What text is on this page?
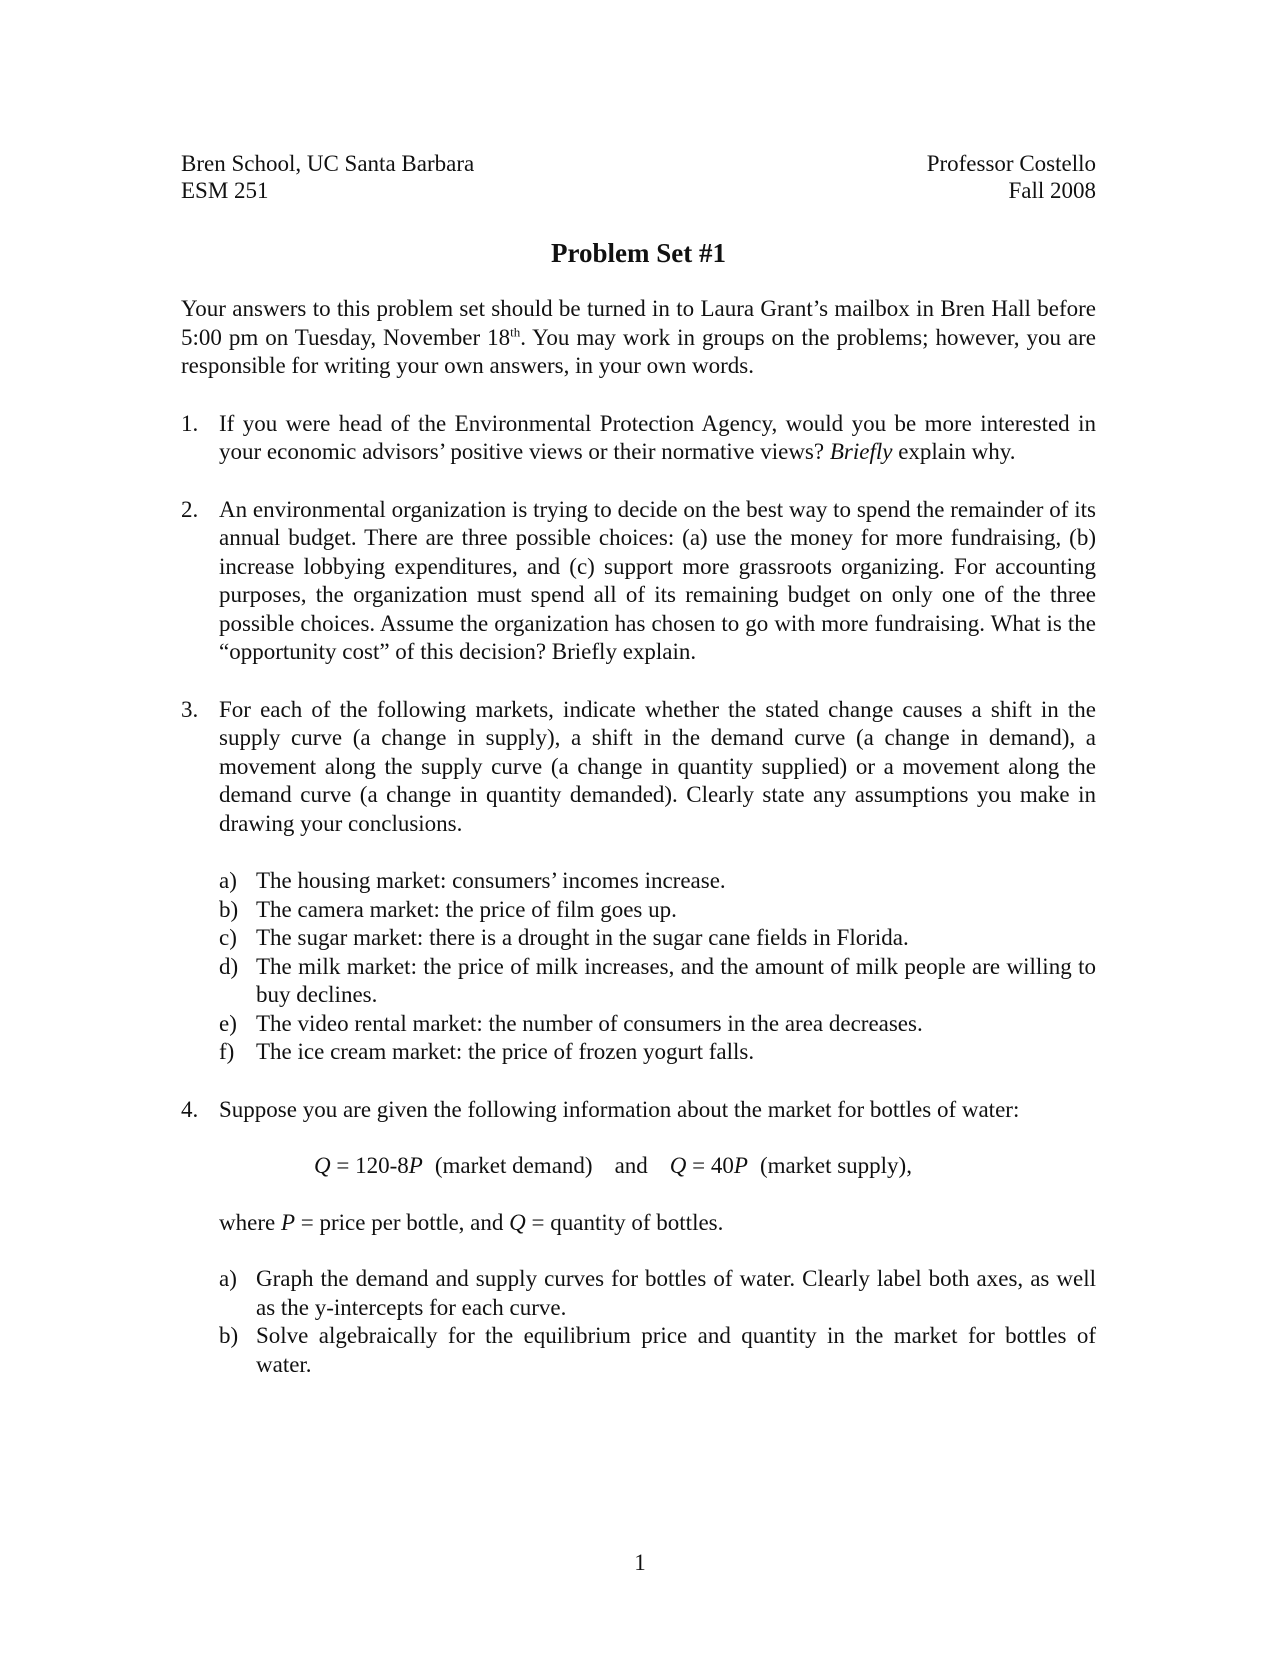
Bren School, UC Santa Barbara
ESM 251
Professor Costello
Fall 2008
Problem Set #1
Your answers to this problem set should be turned in to Laura Grant’s mailbox in Bren Hall before 5:00 pm on Tuesday, November 18th. You may work in groups on the problems; however, you are responsible for writing your own answers, in your own words.
1. If you were head of the Environmental Protection Agency, would you be more interested in your economic advisors’ positive views or their normative views? Briefly explain why.
2. An environmental organization is trying to decide on the best way to spend the remainder of its annual budget. There are three possible choices: (a) use the money for more fundraising, (b) increase lobbying expenditures, and (c) support more grassroots organizing. For accounting purposes, the organization must spend all of its remaining budget on only one of the three possible choices. Assume the organization has chosen to go with more fundraising. What is the “opportunity cost” of this decision? Briefly explain.
3. For each of the following markets, indicate whether the stated change causes a shift in the supply curve (a change in supply), a shift in the demand curve (a change in demand), a movement along the supply curve (a change in quantity supplied) or a movement along the demand curve (a change in quantity demanded). Clearly state any assumptions you make in drawing your conclusions.
a) The housing market: consumers’ incomes increase.
b) The camera market: the price of film goes up.
c) The sugar market: there is a drought in the sugar cane fields in Florida.
d) The milk market: the price of milk increases, and the amount of milk people are willing to buy declines.
e) The video rental market: the number of consumers in the area decreases.
f) The ice cream market: the price of frozen yogurt falls.
4. Suppose you are given the following information about the market for bottles of water:
Q = 120-8P (market demand) and Q = 40P (market supply),
where P = price per bottle, and Q = quantity of bottles.
a) Graph the demand and supply curves for bottles of water. Clearly label both axes, as well as the y-intercepts for each curve.
b) Solve algebraically for the equilibrium price and quantity in the market for bottles of water.
1
